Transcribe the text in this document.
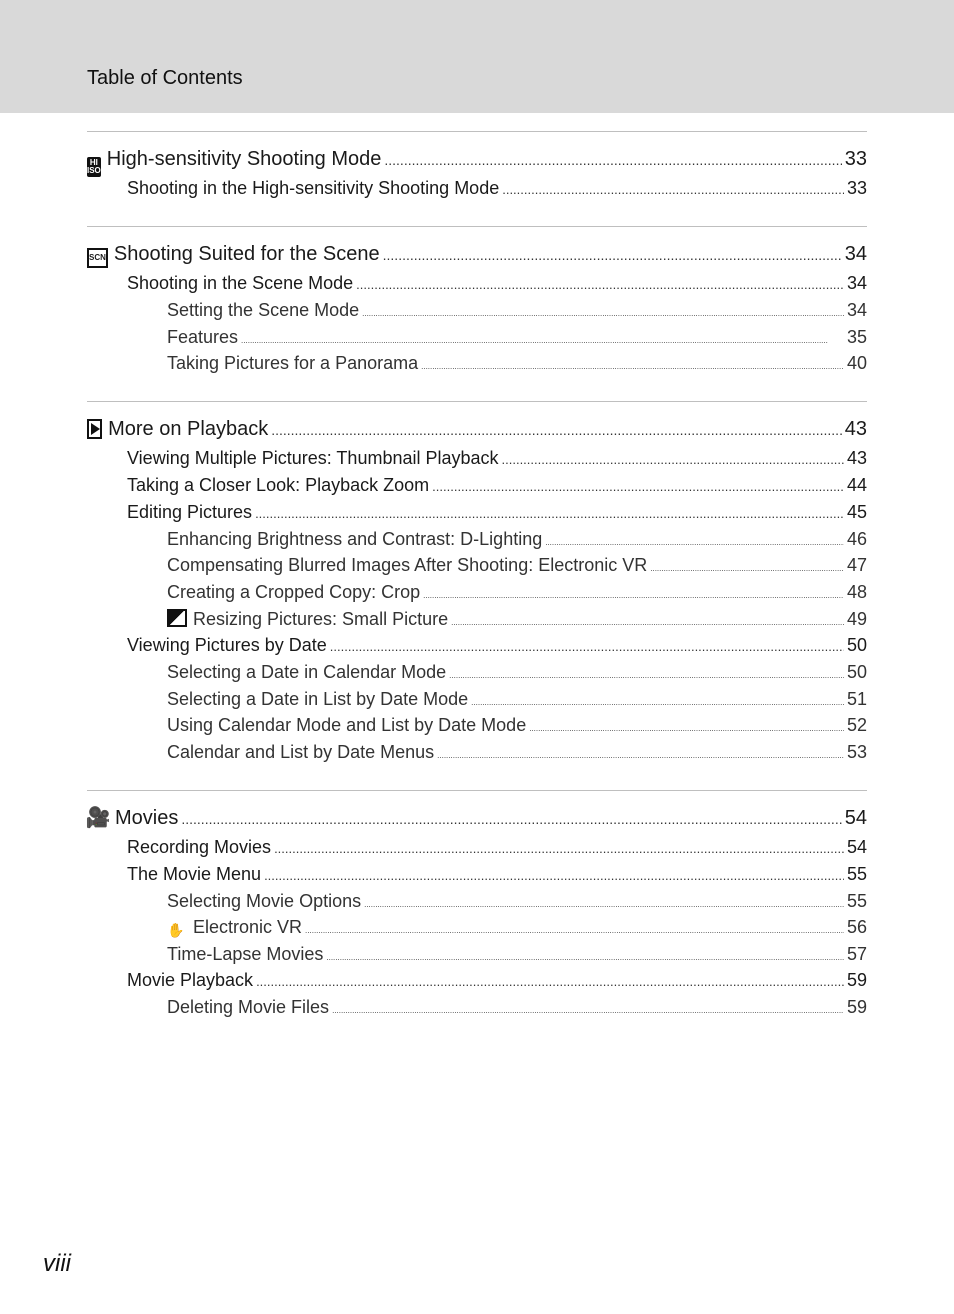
Table of Contents
HI
ISO
High-sensitivity Shooting Mode .....	33
Shooting in the High-sensitivity Shooting Mode .....	33
SCN Shooting Suited for the Scene .....	34
Shooting in the Scene Mode .....	34
Setting the Scene Mode .....	34
Features .....	35
Taking Pictures for a Panorama .....	40
More on Playback .....	43
Viewing Multiple Pictures: Thumbnail Playback .....	43
Taking a Closer Look: Playback Zoom .....	44
Editing Pictures .....	45
Enhancing Brightness and Contrast: D-Lighting .....	46
Compensating Blurred Images After Shooting: Electronic VR .....	47
Creating a Cropped Copy: Crop .....	48
Resizing Pictures: Small Picture .....	49
Viewing Pictures by Date .....	50
Selecting a Date in Calendar Mode .....	50
Selecting a Date in List by Date Mode .....	51
Using Calendar Mode and List by Date Mode .....	52
Calendar and List by Date Menus .....	53
🎥 Movies .....	54
Recording Movies .....	54
The Movie Menu .....	55
Selecting Movie Options .....	55
✋ Electronic VR .....	56
Time-Lapse Movies .....	57
Movie Playback .....	59
Deleting Movie Files .....	59
viii
